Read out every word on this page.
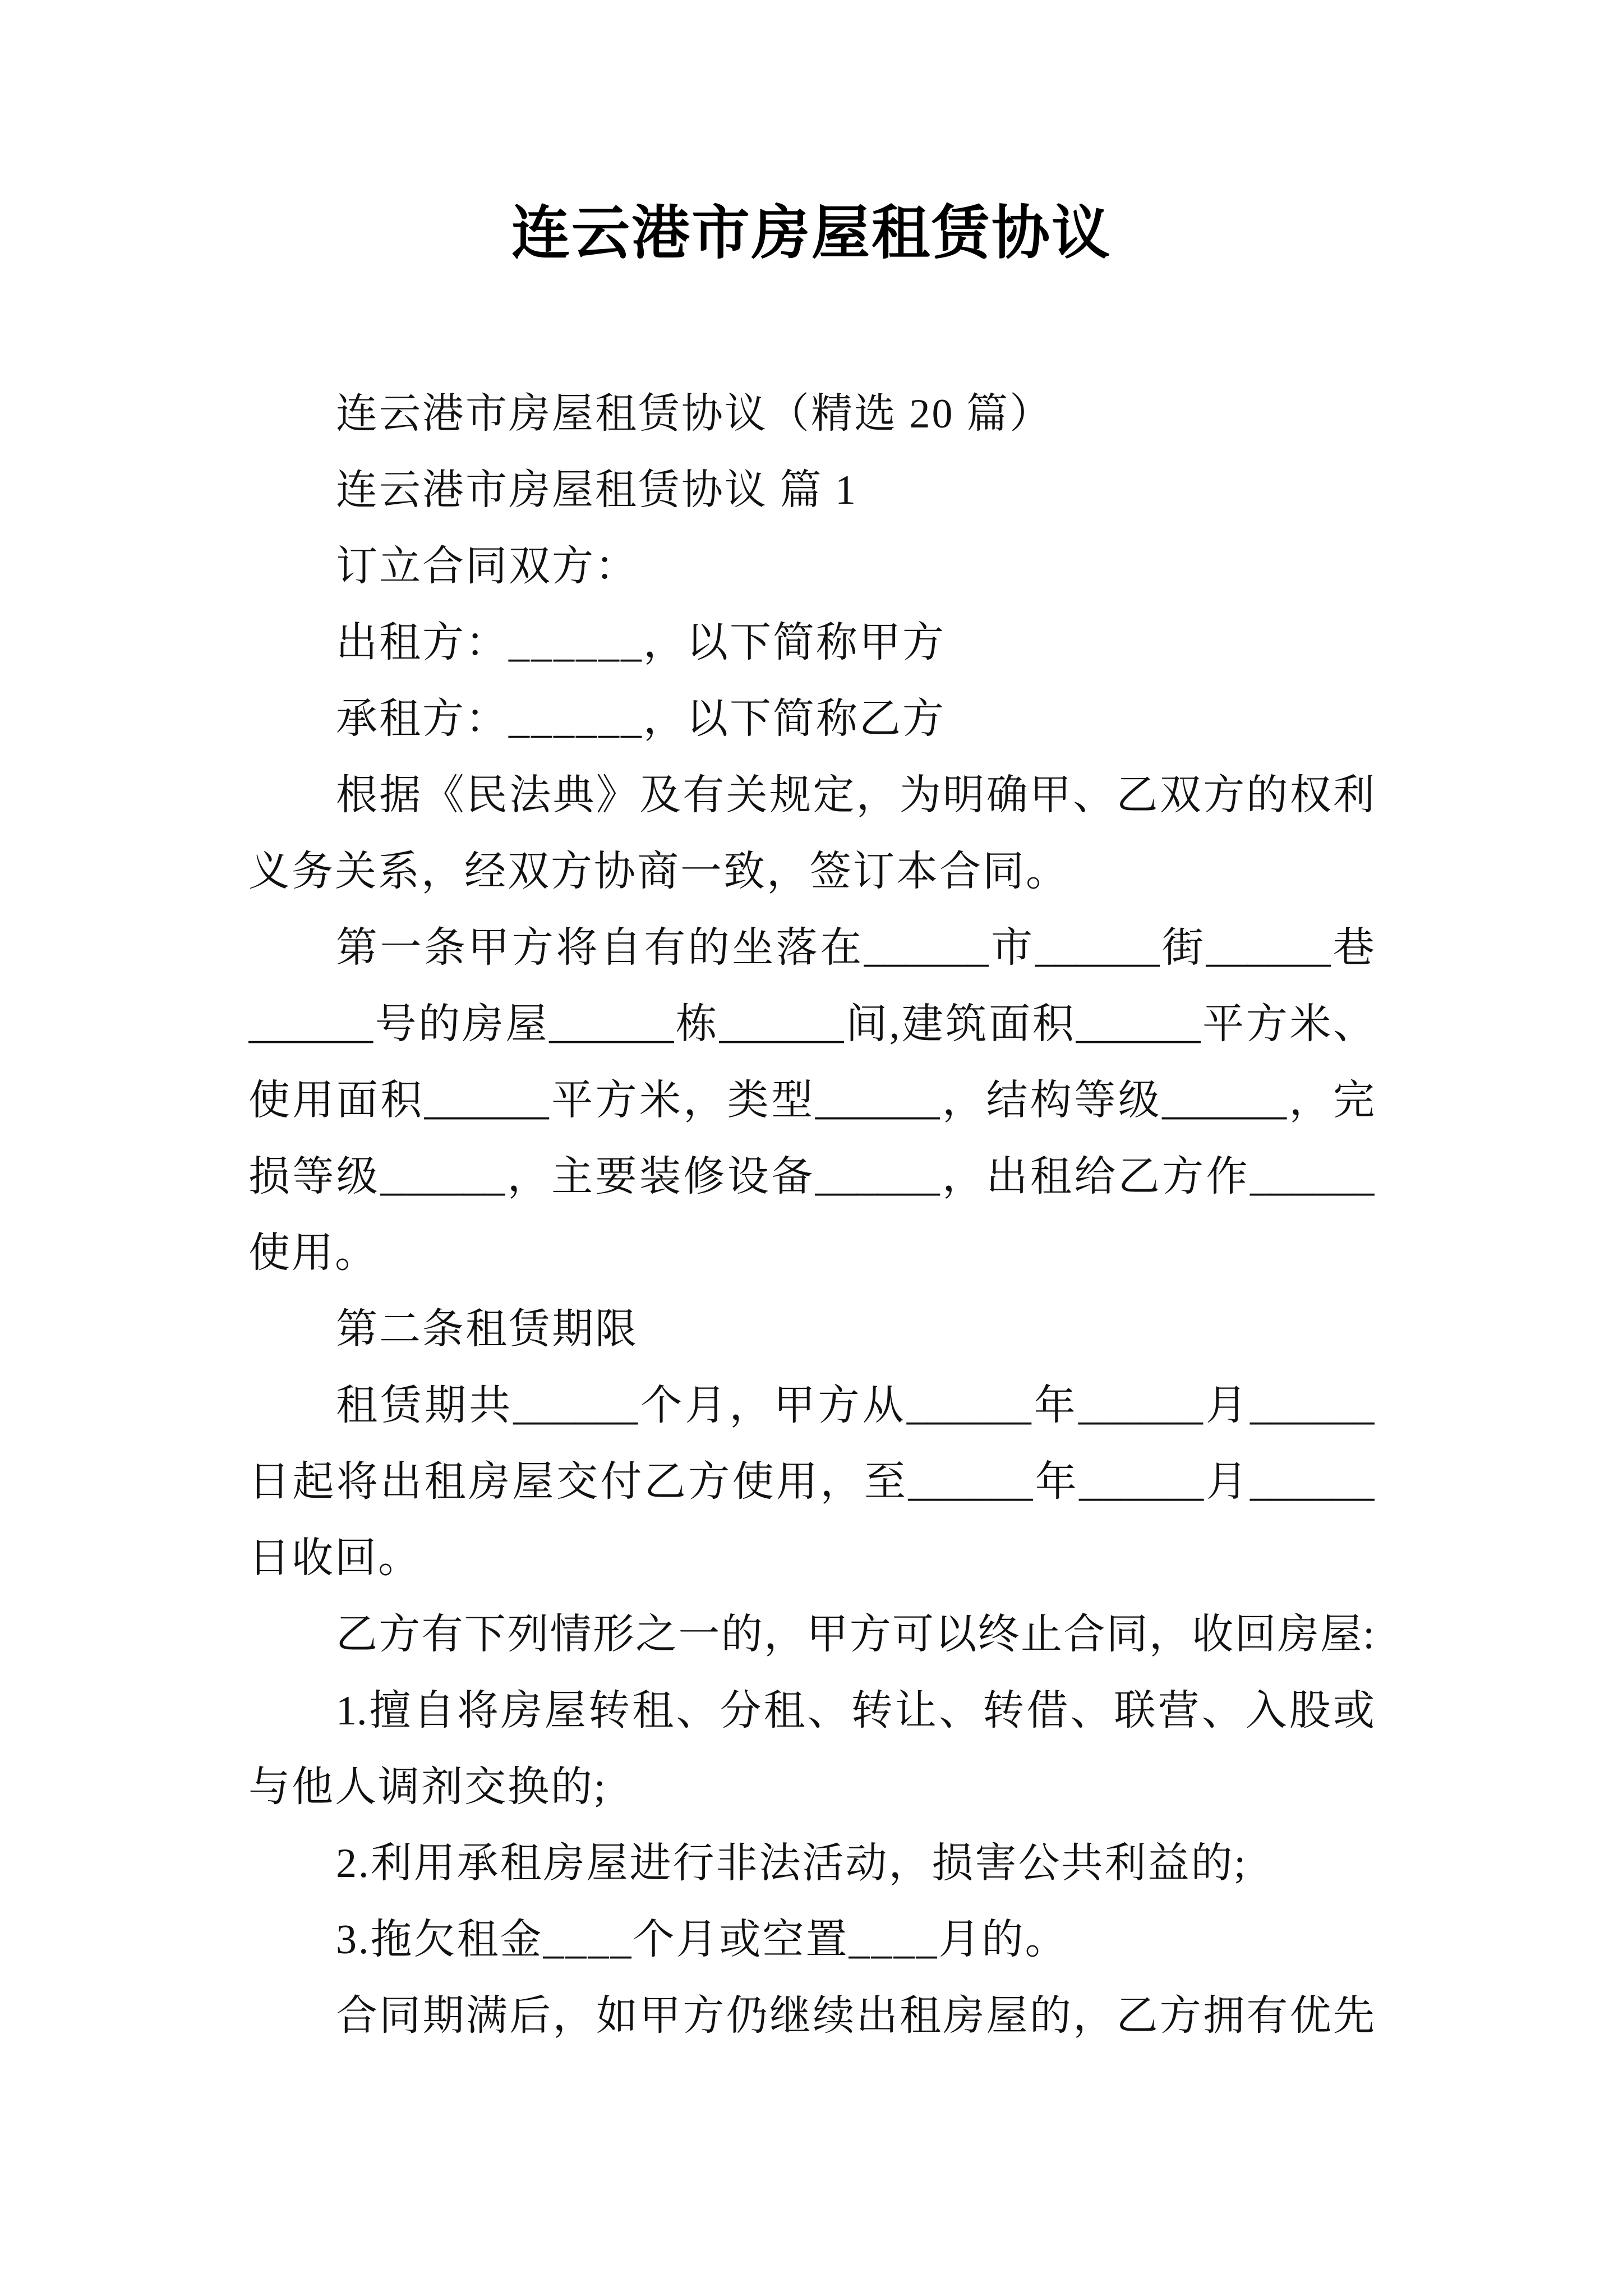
连云港市房屋租赁协议
连云港市房屋租赁协议（精选 20 篇）
连云港市房屋租赁协议 篇 1
订立合同双方：
出租方：______，以下简称甲方
承租方：______，以下简称乙方
根据《民法典》及有关规定，为明确甲、乙双方的权利
义务关系，经双方协商一致，签订本合同。
第一条甲方将自有的坐落在______市______街______巷
______号的房屋______栋______间,建筑面积______平方米、
使用面积______平方米，类型______，结构等级______，完
损等级______，主要装修设备______，出租给乙方作______
使用。
第二条租赁期限
租赁期共______个月，甲方从______年______月______
日起将出租房屋交付乙方使用，至______年______月______
日收回。
乙方有下列情形之一的，甲方可以终止合同，收回房屋:
1.擅自将房屋转租、分租、转让、转借、联营、入股或
与他人调剂交换的;
2.利用承租房屋进行非法活动，损害公共利益的;
3.拖欠租金____个月或空置____月的。
合同期满后，如甲方仍继续出租房屋的，乙方拥有优先
